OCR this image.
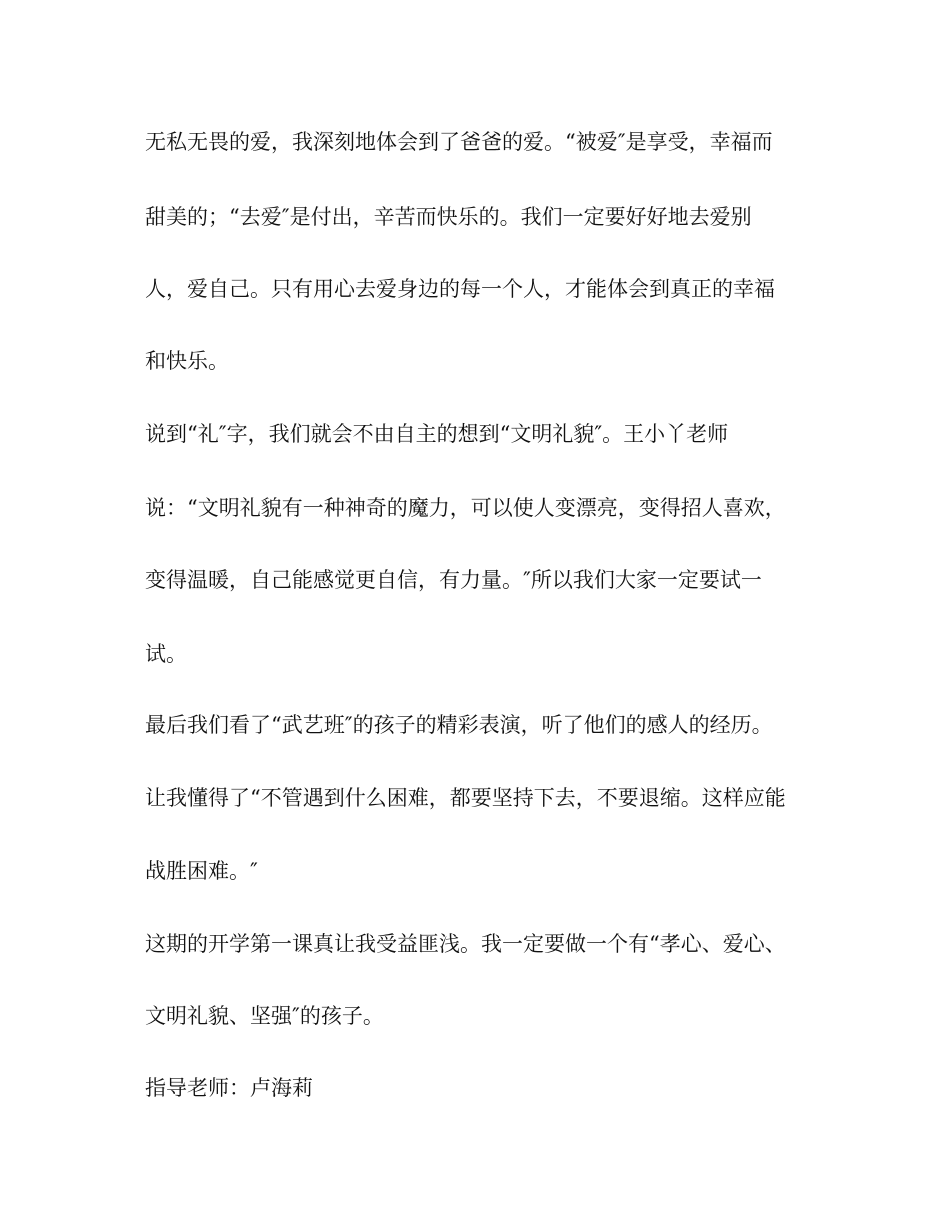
无私无畏的爱，我深刻地体会到了爸爸的爱。“被爱″是享受，幸福而

甜美的；“去爱″是付出，辛苦而快乐的。我们一定要好好地去爱别

人，爱自己。只有用心去爱身边的每一个人，才能体会到真正的幸福

和快乐。

说到“礼″字，我们就会不由自主的想到“文明礼貌″。王小丫老师

说：“文明礼貌有一种神奇的魔力，可以使人变漂亮，变得招人喜欢，

变得温暖，自己能感觉更自信，有力量。″所以我们大家一定要试一

试。

最后我们看了“武艺班″的孩子的精彩表演，听了他们的感人的经历。

让我懂得了“不管遇到什么困难，都要坚持下去，不要退缩。这样应能

战胜困难。″

这期的开学第一课真让我受益匪浅。我一定要做一个有“孝心、爱心、

文明礼貌、坚强″的孩子。

指导老师：卢海莉
